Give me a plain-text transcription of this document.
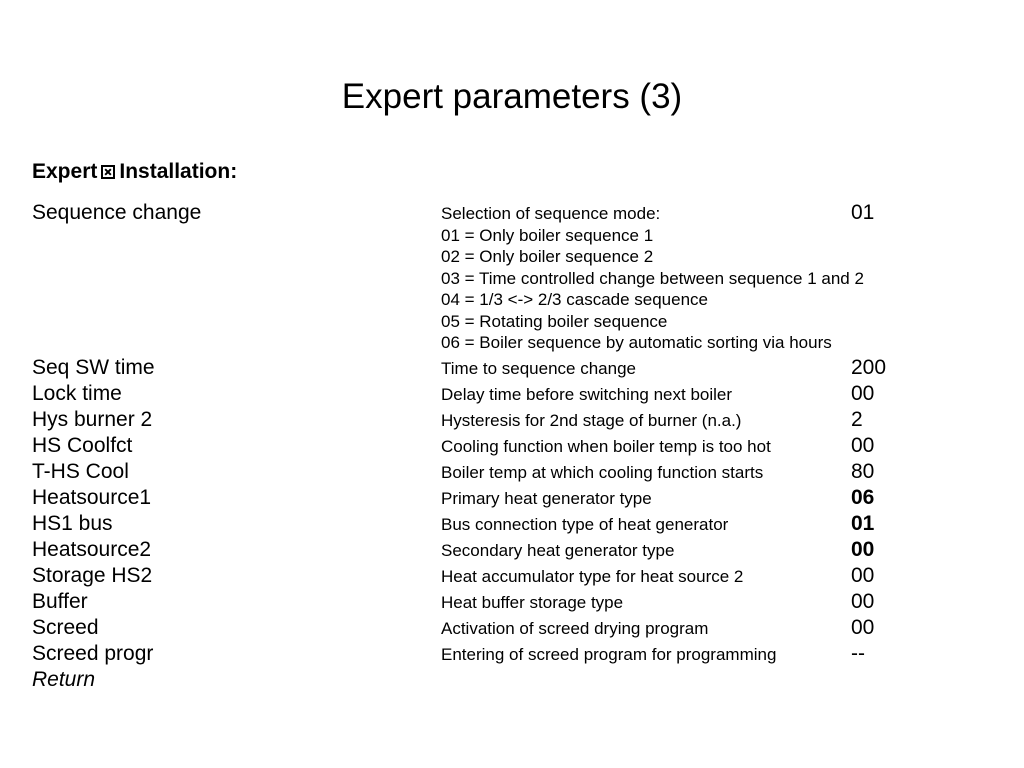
Expert parameters (3)
Expert Installation:
Sequence change	Selection of sequence mode:	01
01 = Only boiler sequence 1
02 = Only boiler sequence 2
03 = Time controlled change between sequence 1 and 2
04 = 1/3 <-> 2/3 cascade sequence
05 = Rotating boiler sequence
06 = Boiler sequence by automatic sorting via hours
Seq SW time	Time to sequence change	200
Lock time	Delay time before switching next boiler	00
Hys burner 2	Hysteresis for 2nd stage of burner (n.a.)	2
HS Coolfct	Cooling function when boiler temp is too hot	00
T-HS Cool	Boiler temp at which cooling function starts	80
Heatsource1	Primary heat generator type	06
HS1 bus	Bus connection type of heat generator	01
Heatsource2	Secondary heat generator type	00
Storage HS2	Heat accumulator type for heat source 2	00
Buffer	Heat buffer storage type	00
Screed	Activation of screed drying program	00
Screed progr	Entering of screed program for programming	--
Return
